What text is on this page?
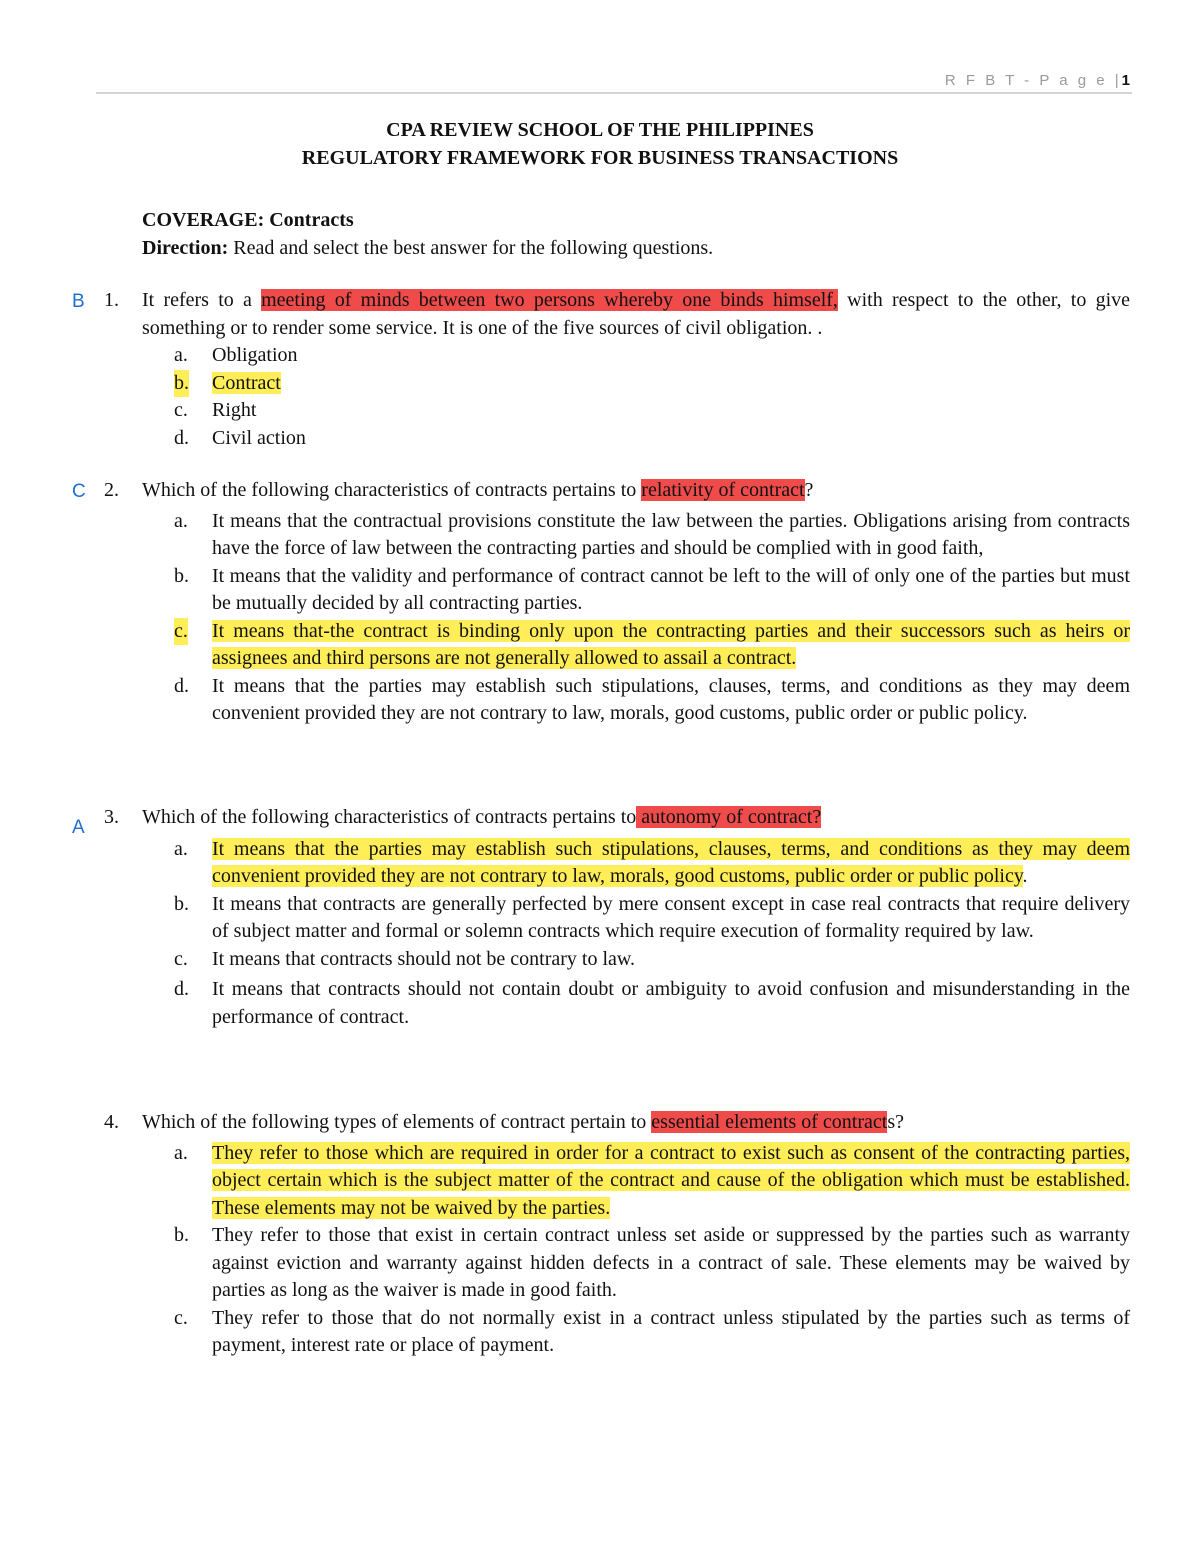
R F B T - P a g e |1
CPA REVIEW SCHOOL OF THE PHILIPPINES
REGULATORY FRAMEWORK FOR BUSINESS TRANSACTIONS
COVERAGE: Contracts
Direction: Read and select the best answer for the following questions.
B 1. It refers to a meeting of minds between two persons whereby one binds himself, with respect to the other, to give something or to render some service. It is one of the five sources of civil obligation. .
a. Obligation
b. Contract
c. Right
d. Civil action
C 2. Which of the following characteristics of contracts pertains to relativity of contract?
a. It means that the contractual provisions constitute the law between the parties. Obligations arising from contracts have the force of law between the contracting parties and should be complied with in good faith,
b. It means that the validity and performance of contract cannot be left to the will of only one of the parties but must be mutually decided by all contracting parties.
c. It means that-the contract is binding only upon the contracting parties and their successors such as heirs or assignees and third persons are not generally allowed to assail a contract.
d. It means that the parties may establish such stipulations, clauses, terms, and conditions as they may deem convenient provided they are not contrary to law, morals, good customs, public order or public policy.
A 3. Which of the following characteristics of contracts pertains to autonomy of contract?
a. It means that the parties may establish such stipulations, clauses, terms, and conditions as they may deem convenient provided they are not contrary to law, morals, good customs, public order or public policy.
b. It means that contracts are generally perfected by mere consent except in case real contracts that require delivery of subject matter and formal or solemn contracts which require execution of formality required by law.
c. It means that contracts should not be contrary to law.
d. It means that contracts should not contain doubt or ambiguity to avoid confusion and misunderstanding in the performance of contract.
4. Which of the following types of elements of contract pertain to essential elements of contracts?
a. They refer to those which are required in order for a contract to exist such as consent of the contracting parties, object certain which is the subject matter of the contract and cause of the obligation which must be established. These elements may not be waived by the parties.
b. They refer to those that exist in certain contract unless set aside or suppressed by the parties such as warranty against eviction and warranty against hidden defects in a contract of sale. These elements may be waived by parties as long as the waiver is made in good faith.
c. They refer to those that do not normally exist in a contract unless stipulated by the parties such as terms of payment, interest rate or place of payment.
